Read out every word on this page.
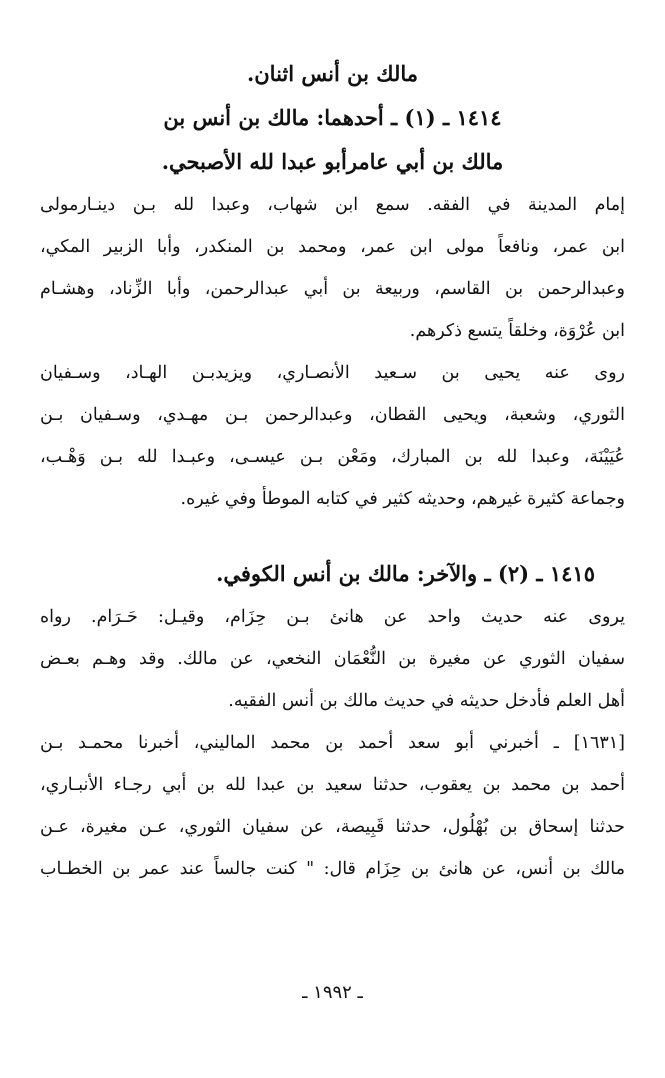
مالك بن أنس اثنان.

١٤١٤ ـ (١) ـ أحدهما: مالك بن أنس بن

مالك بن أبي عامرأبو عبدا لله الأصبحي.

إمام المدينة في الفقه. سمع ابن شهاب، وعبدا لله بـن دينـارمولى
ابن عمر، ونافعاً مولى ابن عمر، ومحمد بن المنكدر، وأبا الزبير المكي،
وعبدالرحمن بن القاسم، وربيعة بن أبي عبدالرحمن، وأبا الزِّناد، وهشـام
ابن عُرْوَة، وخلقاً يتسع ذكرهم.
روى عنه يحيى بن سـعيد الأنصـاري، ويزيدبـن الهـاد، وسـفيان
الثوري، وشعبة، ويحيى القطان، وعبدالرحمن بـن مهـدي، وسـفيان بـن
عُيَيْنَة، وعبدا لله بن المبارك، ومَعْن بـن عيسـى، وعبـدا لله بـن وَهْـب،
وجماعة كثيرة غيرهم، وحديثه كثير في كتابه الموطأ وفي غيره.

١٤١٥ ـ (٢) ـ والآخر: مالك بن أنس الكوفي.

يروى عنه حديث واحد عن هانئ بـن حِزَام، وقيـل: حَـرَام. رواه
سفيان الثوري عن مغيرة بن النُّعْمَان النخعي، عن مالك. وقد وهـم بعـض
أهل العلم فأدخل حديثه في حديث مالك بن أنس الفقيه.
[١٦٣١] ـ أخبرني أبو سعد أحمد بن محمد الماليني، أخبرنا محمـد بـن
أحمد بن محمد بن يعقوب، حدثنا سعيد بن عبدا لله بن أبي رجـاء الأنبـاري،
حدثنا إسحاق بن بُهْلُول، حدثنا قَبِيصة، عن سفيان الثوري، عـن مغيرة، عـن
مالك بن أنس، عن هانئ بن حِزَام قال: " كنت جالساً عند عمر بن الخطـاب
ـ ١٩٩٢ ـ
